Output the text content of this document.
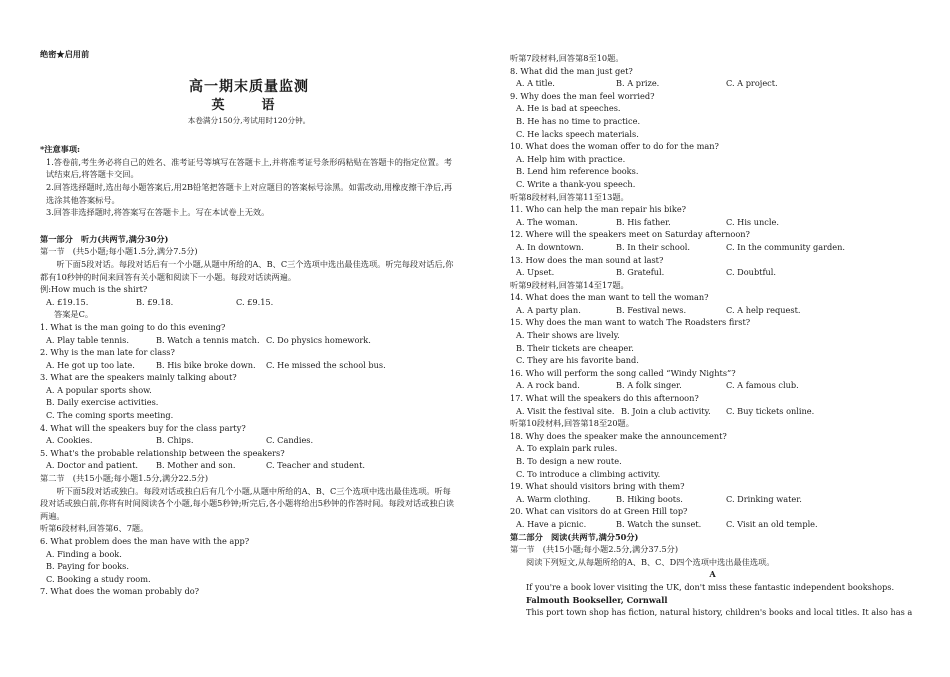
绝密★启用前
高一期末质量监测
英　语
本卷满分150分,考试用时120分钟。
*注意事项:
1.答卷前,考生务必将自己的姓名、准考证号等填写在答题卡上,并将准考证号条形码粘贴在答题卡的指定位置。考试结束后,将答题卡交回。
2.回答选择题时,选出每小题答案后,用2B铅笔把答题卡上对应题目的答案标号涂黑。如需改动,用橡皮擦干净后,再选涂其他答案标号。
3.回答非选择题时,将答案写在答题卡上。写在本试卷上无效。
第一部分　听力(共两节,满分30分)
第一节　(共5小题;每小题1.5分,满分7.5分)
听下面5段对话。每段对话后有一个小题,从题中所给的A、B、C三个选项中选出最佳选项。听完每段对话后,你都有10秒钟的时间来回答有关小题和阅读下一小题。每段对话读两遍。
例:How much is the shirt?
A. £19.15.	B. £9.18.	C. £9.15.
答案是C。
1. What is the man going to do this evening?
A. Play table tennis.	B. Watch a tennis match. C. Do physics homework.
2. Why is the man late for class?
A. He got up too late.	B. His bike broke down.	C. He missed the school bus.
3. What are the speakers mainly talking about?
A. A popular sports show.
B. Daily exercise activities.
C. The coming sports meeting.
4. What will the speakers buy for the class party?
A. Cookies.	B. Chips.	C. Candies.
5. What's the probable relationship between the speakers?
A. Doctor and patient.	B. Mother and son.	C. Teacher and student.
第二节　(共15小题;每小题1.5分,满分22.5分)
听下面5段对话或独白。每段对话或独白后有几个小题,从题中所给的A、B、C三个选项中选出最佳选项。听每段对话或独白前,你将有时间阅读各个小题,每小题5秒钟;听完后,各小题将给出5秒钟的作答时间。每段对话或独白读两遍。
听第6段材料,回答第6、7题。
6. What problem does the man have with the app?
A. Finding a book.
B. Paying for books.
C. Booking a study room.
7. What does the woman probably do?
听第7段材料,回答第8至10题。
8. What did the man just get?
A. A title.	B. A prize.	C. A project.
9. Why does the man feel worried?
A. He is bad at speeches.
B. He has no time to practice.
C. He lacks speech materials.
10. What does the woman offer to do for the man?
A. Help him with practice.
B. Lend him reference books.
C. Write a thank-you speech.
听第8段材料,回答第11至13题。
11. Who can help the man repair his bike?
A. The woman.	B. His father.	C. His uncle.
12. Where will the speakers meet on Saturday afternoon?
A. In downtown.	B. In their school.	C. In the community garden.
13. How does the man sound at last?
A. Upset.	B. Grateful.	C. Doubtful.
听第9段材料,回答第14至17题。
14. What does the man want to tell the woman?
A. A party plan.	B. Festival news.	C. A help request.
15. Why does the man want to watch The Roadsters first?
A. Their shows are lively.
B. Their tickets are cheaper.
C. They are his favorite band.
16. Who will perform the song called “Windy Nights”?
A. A rock band.	B. A folk singer.	C. A famous club.
17. What will the speakers do this afternoon?
A. Visit the festival site. B. Join a club activity.	C. Buy tickets online.
听第10段材料,回答第18至20题。
18. Why does the speaker make the announcement?
A. To explain park rules.
B. To design a new route.
C. To introduce a climbing activity.
19. What should visitors bring with them?
A. Warm clothing.	B. Hiking boots.	C. Drinking water.
20. What can visitors do at Green Hill top?
A. Have a picnic.	B. Watch the sunset.	C. Visit an old temple.
第二部分　阅读(共两节,满分50分)
第一节　(共15小题;每小题2.5分,满分37.5分)
阅读下列短文,从每题所给的A、B、C、D四个选项中选出最佳选项。
A
If you're a book lover visiting the UK, don't miss these fantastic independent bookshops.
Falmouth Bookseller, Cornwall
This port town shop has fiction, natural history, children's books and local titles. It also has a
